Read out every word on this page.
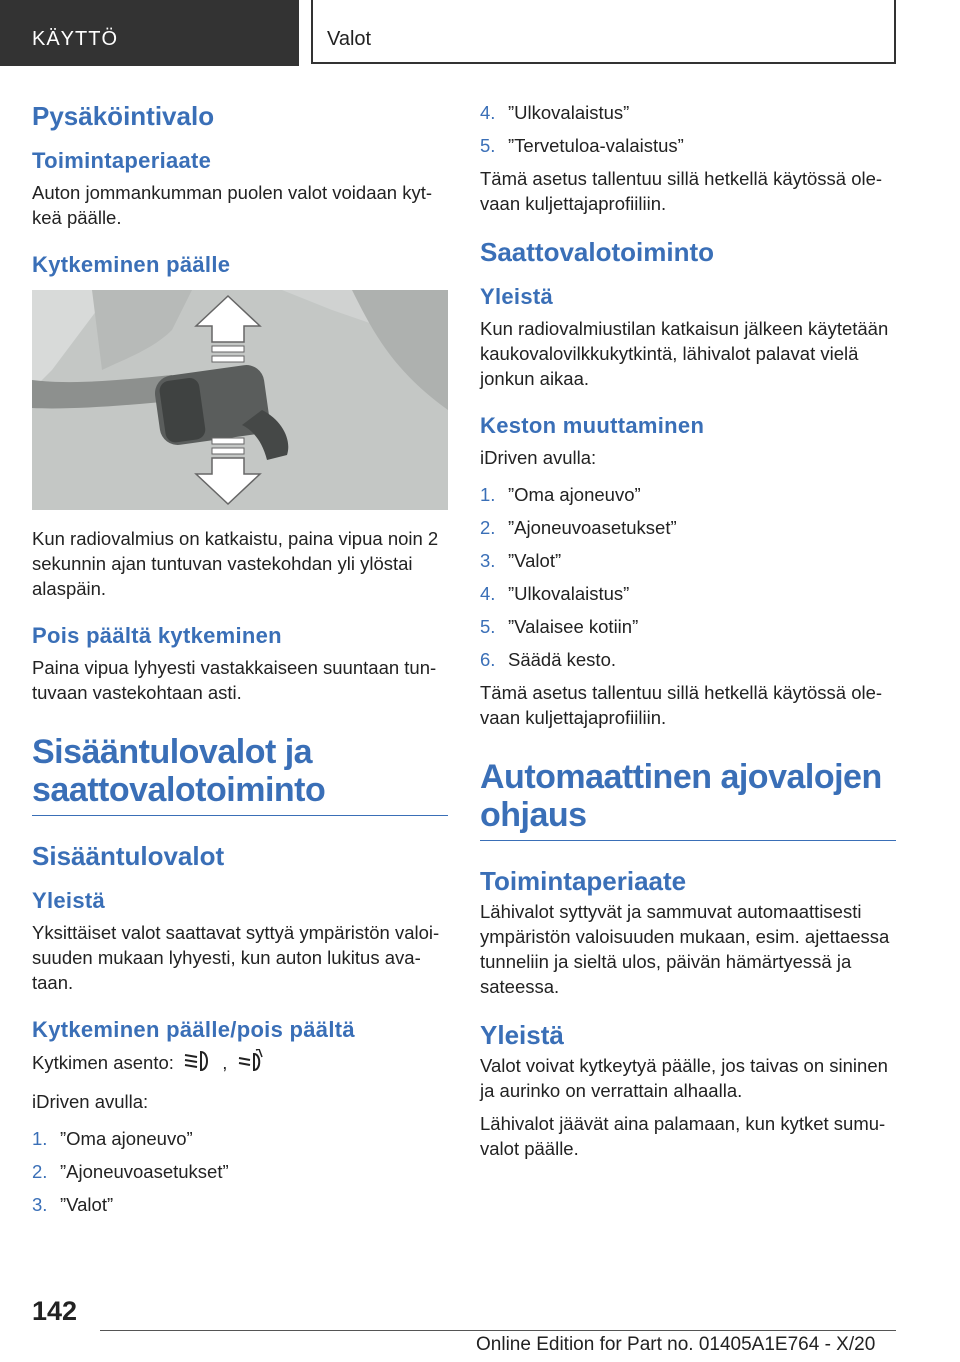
KÄYTTÖ	Valot
Pysäköintivalo
Toimintaperiaate

Auton jommankumman puolen valot voidaan kytkeä päälle.

Kytkeminen päälle

Kun radiovalmius on katkaistu, paina vipua noin 2 sekunnin ajan tuntuvan vastekohdan yli ylöstai alaspäin.

Pois päältä kytkeminen

Paina vipua lyhyesti vastakkaiseen suuntaan tuntuvaan vastekohtaan asti.

Sisääntulovalot ja
saattovalotoiminto
Sisääntulovalot
Yleistä

Yksittäiset valot saattavat syttyä ympäristön valoisuuden mukaan lyhyesti, kun auton lukitus avataan.

Kytkeminen päälle/pois päältä

Kytkimen asento:	,

iDriven avulla:

1. ”Oma ajoneuvo”
2. ”Ajoneuvoasetukset”
3. ”Valot”
4. ”Ulkovalaistus”
5. ”Tervetuloa-valaistus”

Tämä asetus tallentuu sillä hetkellä käytössä olevaan kuljettajaprofiiliin.

Saattovalotoiminto
Yleistä

Kun radiovalmiustilan katkaisun jälkeen käytetään kaukovalovilkkukytkintä, lähivalot palavat vielä jonkun aikaa.

Keston muuttaminen

iDriven avulla:

1. ”Oma ajoneuvo”
2. ”Ajoneuvoasetukset”
3. ”Valot”
4. ”Ulkovalaistus”
5. ”Valaisee kotiin”
6. Säädä kesto.

Tämä asetus tallentuu sillä hetkellä käytössä olevaan kuljettajaprofiiliin.

Automaattinen ajovalojen
ohjaus
Toimintaperiaate

Lähivalot syttyvät ja sammuvat automaattisesti ympäristön valoisuuden mukaan, esim. ajettaessa tunneliin ja sieltä ulos, päivän hämärtyessä ja sateessa.

Yleistä

Valot voivat kytkeytyä päälle, jos taivas on sininen ja aurinko on verrattain alhaalla.

Lähivalot jäävät aina palamaan, kun kytket sumuvalot päälle.

142
Online Edition for Part no. 01405A1E764 - X/20
